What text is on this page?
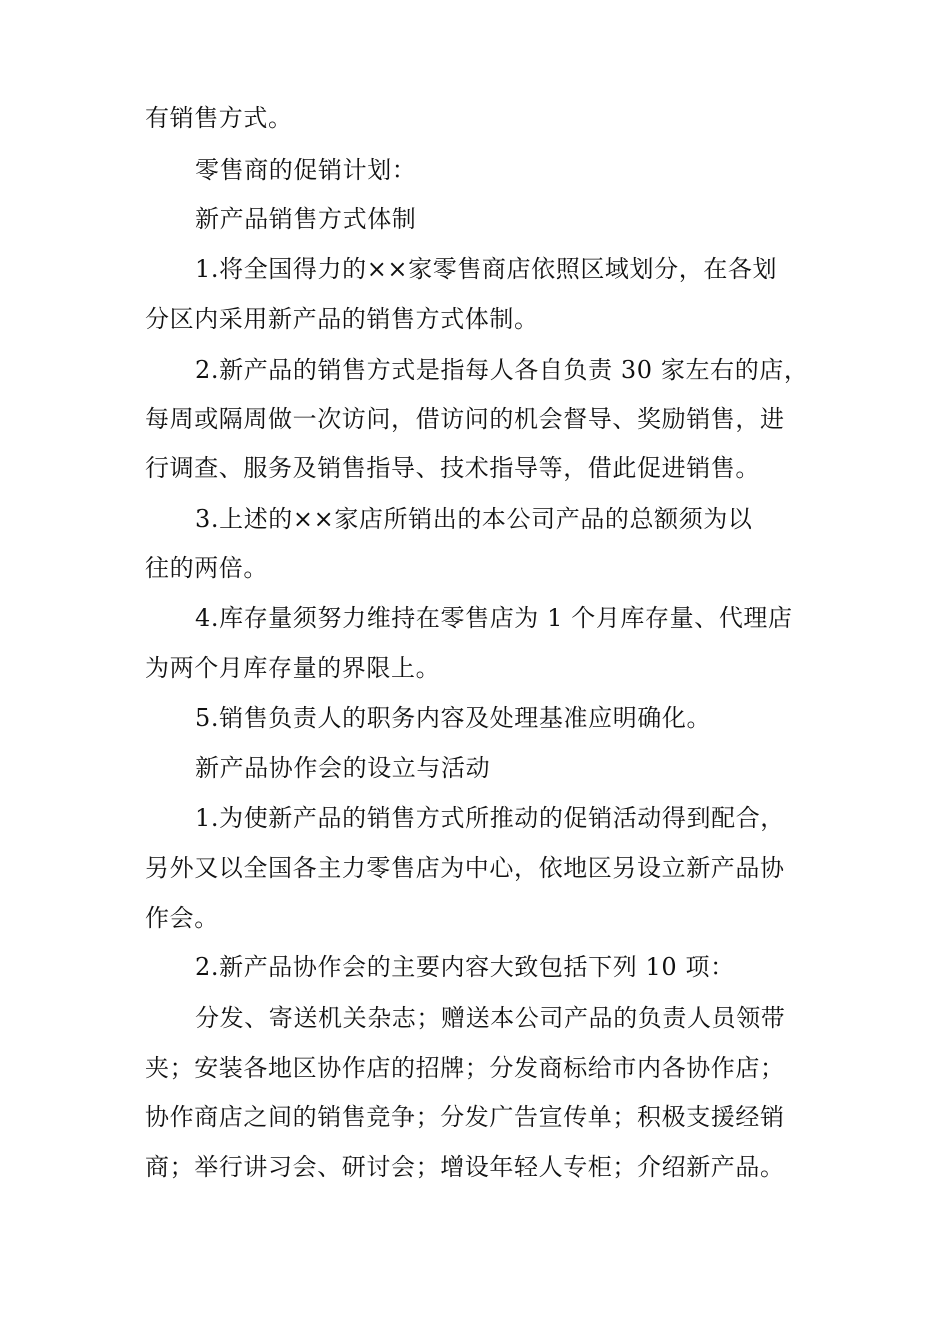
有销售方式。
零售商的促销计划：
新产品销售方式体制
1.将全国得力的××家零售商店依照区域划分，在各划
分区内采用新产品的销售方式体制。
2.新产品的销售方式是指每人各自负责 30 家左右的店，
每周或隔周做一次访问，借访问的机会督导、奖励销售，进
行调查、服务及销售指导、技术指导等，借此促进销售。
3.上述的××家店所销出的本公司产品的总额须为以
往的两倍。
4.库存量须努力维持在零售店为 1 个月库存量、代理店
为两个月库存量的界限上。
5.销售负责人的职务内容及处理基准应明确化。
新产品协作会的设立与活动
1.为使新产品的销售方式所推动的促销活动得到配合，
另外又以全国各主力零售店为中心，依地区另设立新产品协
作会。
2.新产品协作会的主要内容大致包括下列 10 项：
分发、寄送机关杂志；赠送本公司产品的负责人员领带
夹；安装各地区协作店的招牌；分发商标给市内各协作店；
协作商店之间的销售竞争；分发广告宣传单；积极支援经销
商；举行讲习会、研讨会；增设年轻人专柜；介绍新产品。
